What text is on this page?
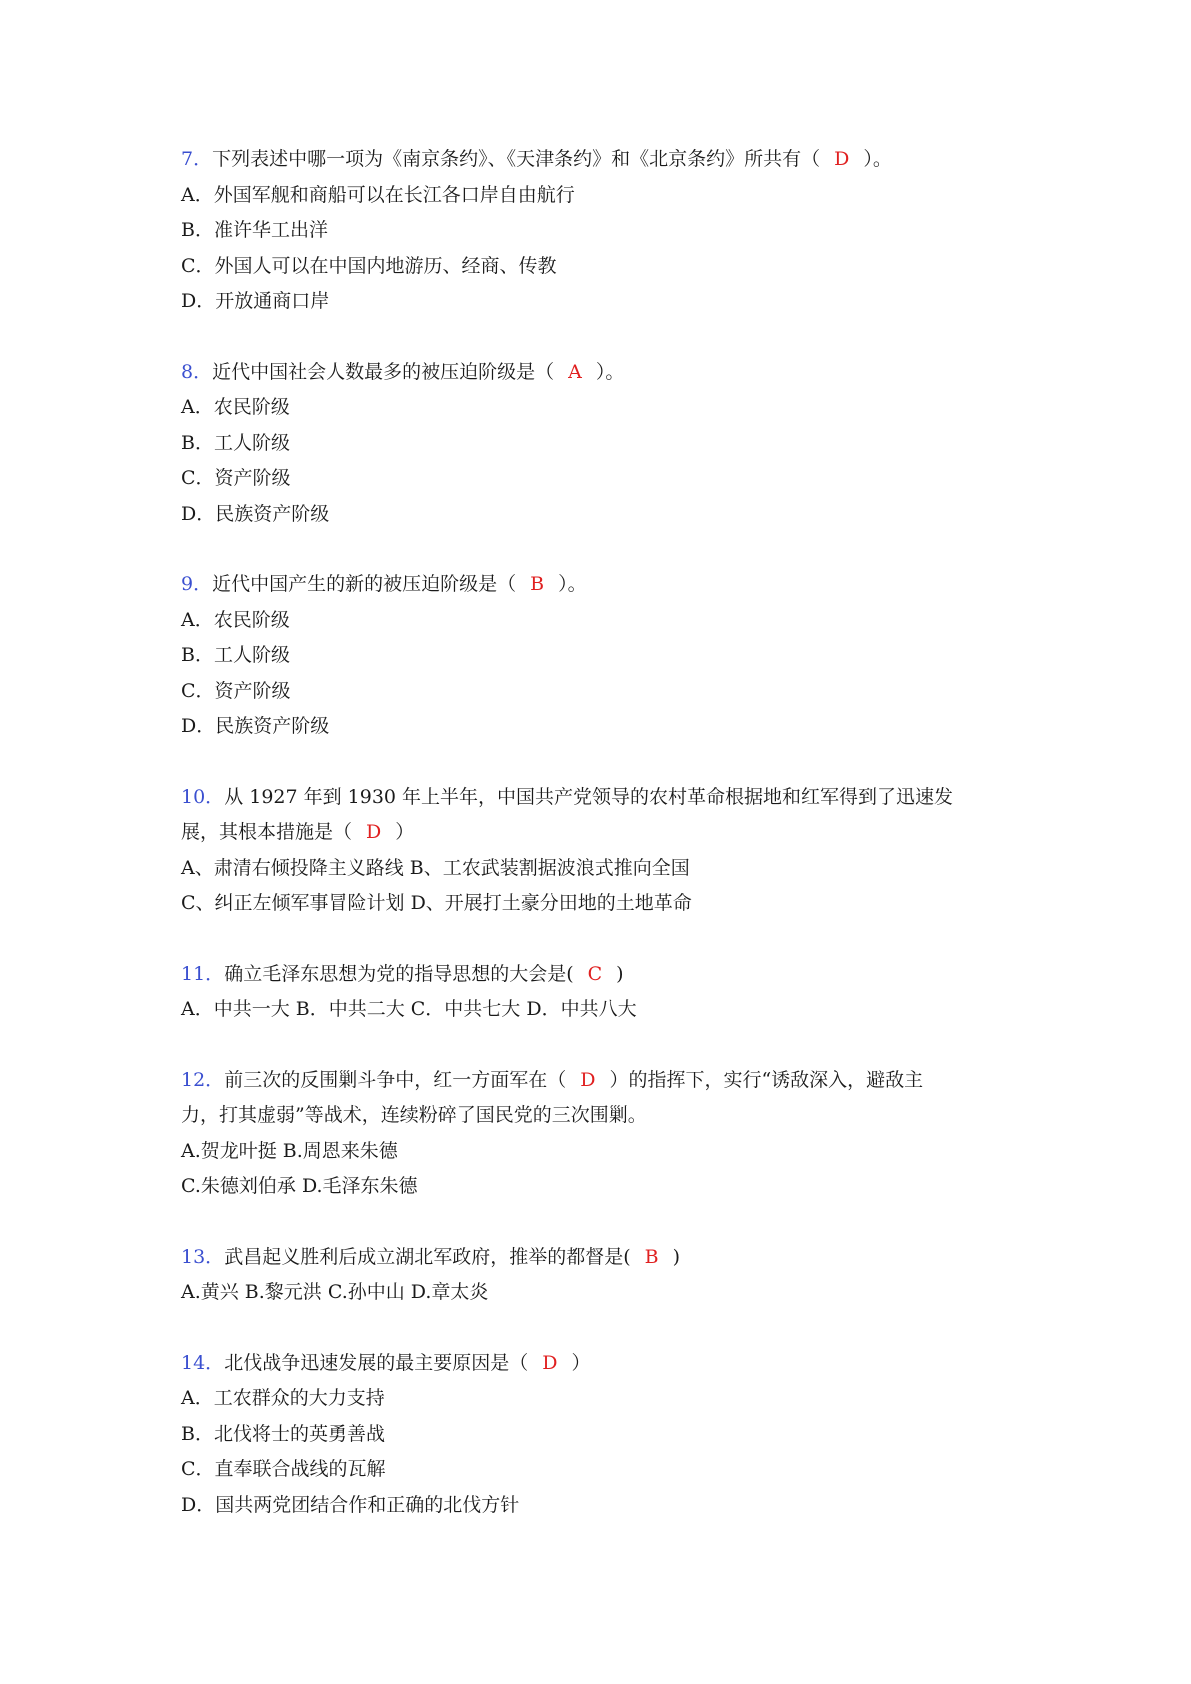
7．下列表述中哪一项为《南京条约》、《天津条约》和《北京条约》所共有（ D ）。
A．外国军舰和商船可以在长江各口岸自由航行
B．准许华工出洋
C．外国人可以在中国内地游历、经商、传教
D．开放通商口岸
8．近代中国社会人数最多的被压迫阶级是（ A ）。
A．农民阶级
B．工人阶级
C．资产阶级
D．民族资产阶级
9．近代中国产生的新的被压迫阶级是（ B ）。
A．农民阶级
B．工人阶级
C．资产阶级
D．民族资产阶级
10．从 1927 年到 1930 年上半年，中国共产党领导的农村革命根据地和红军得到了迅速发
展，其根本措施是（ D ）
A、肃清右倾投降主义路线 B、工农武装割据波浪式推向全国
C、纠正左倾军事冒险计划 D、开展打土豪分田地的土地革命
11．确立毛泽东思想为党的指导思想的大会是( C )
A．中共一大 B．中共二大 C．中共七大 D．中共八大
12．前三次的反围剿斗争中，红一方面军在（ D ）的指挥下，实行“诱敌深入，避敌主
力，打其虚弱”等战术，连续粉碎了国民党的三次围剿。
A.贺龙叶挺 B.周恩来朱德
C.朱德刘伯承 D.毛泽东朱德
13．武昌起义胜利后成立湖北军政府，推举的都督是( B )
A.黄兴 B.黎元洪 C.孙中山 D.章太炎
14．北伐战争迅速发展的最主要原因是（ D ）
A．工农群众的大力支持
B．北伐将士的英勇善战
C．直奉联合战线的瓦解
D．国共两党团结合作和正确的北伐方针
